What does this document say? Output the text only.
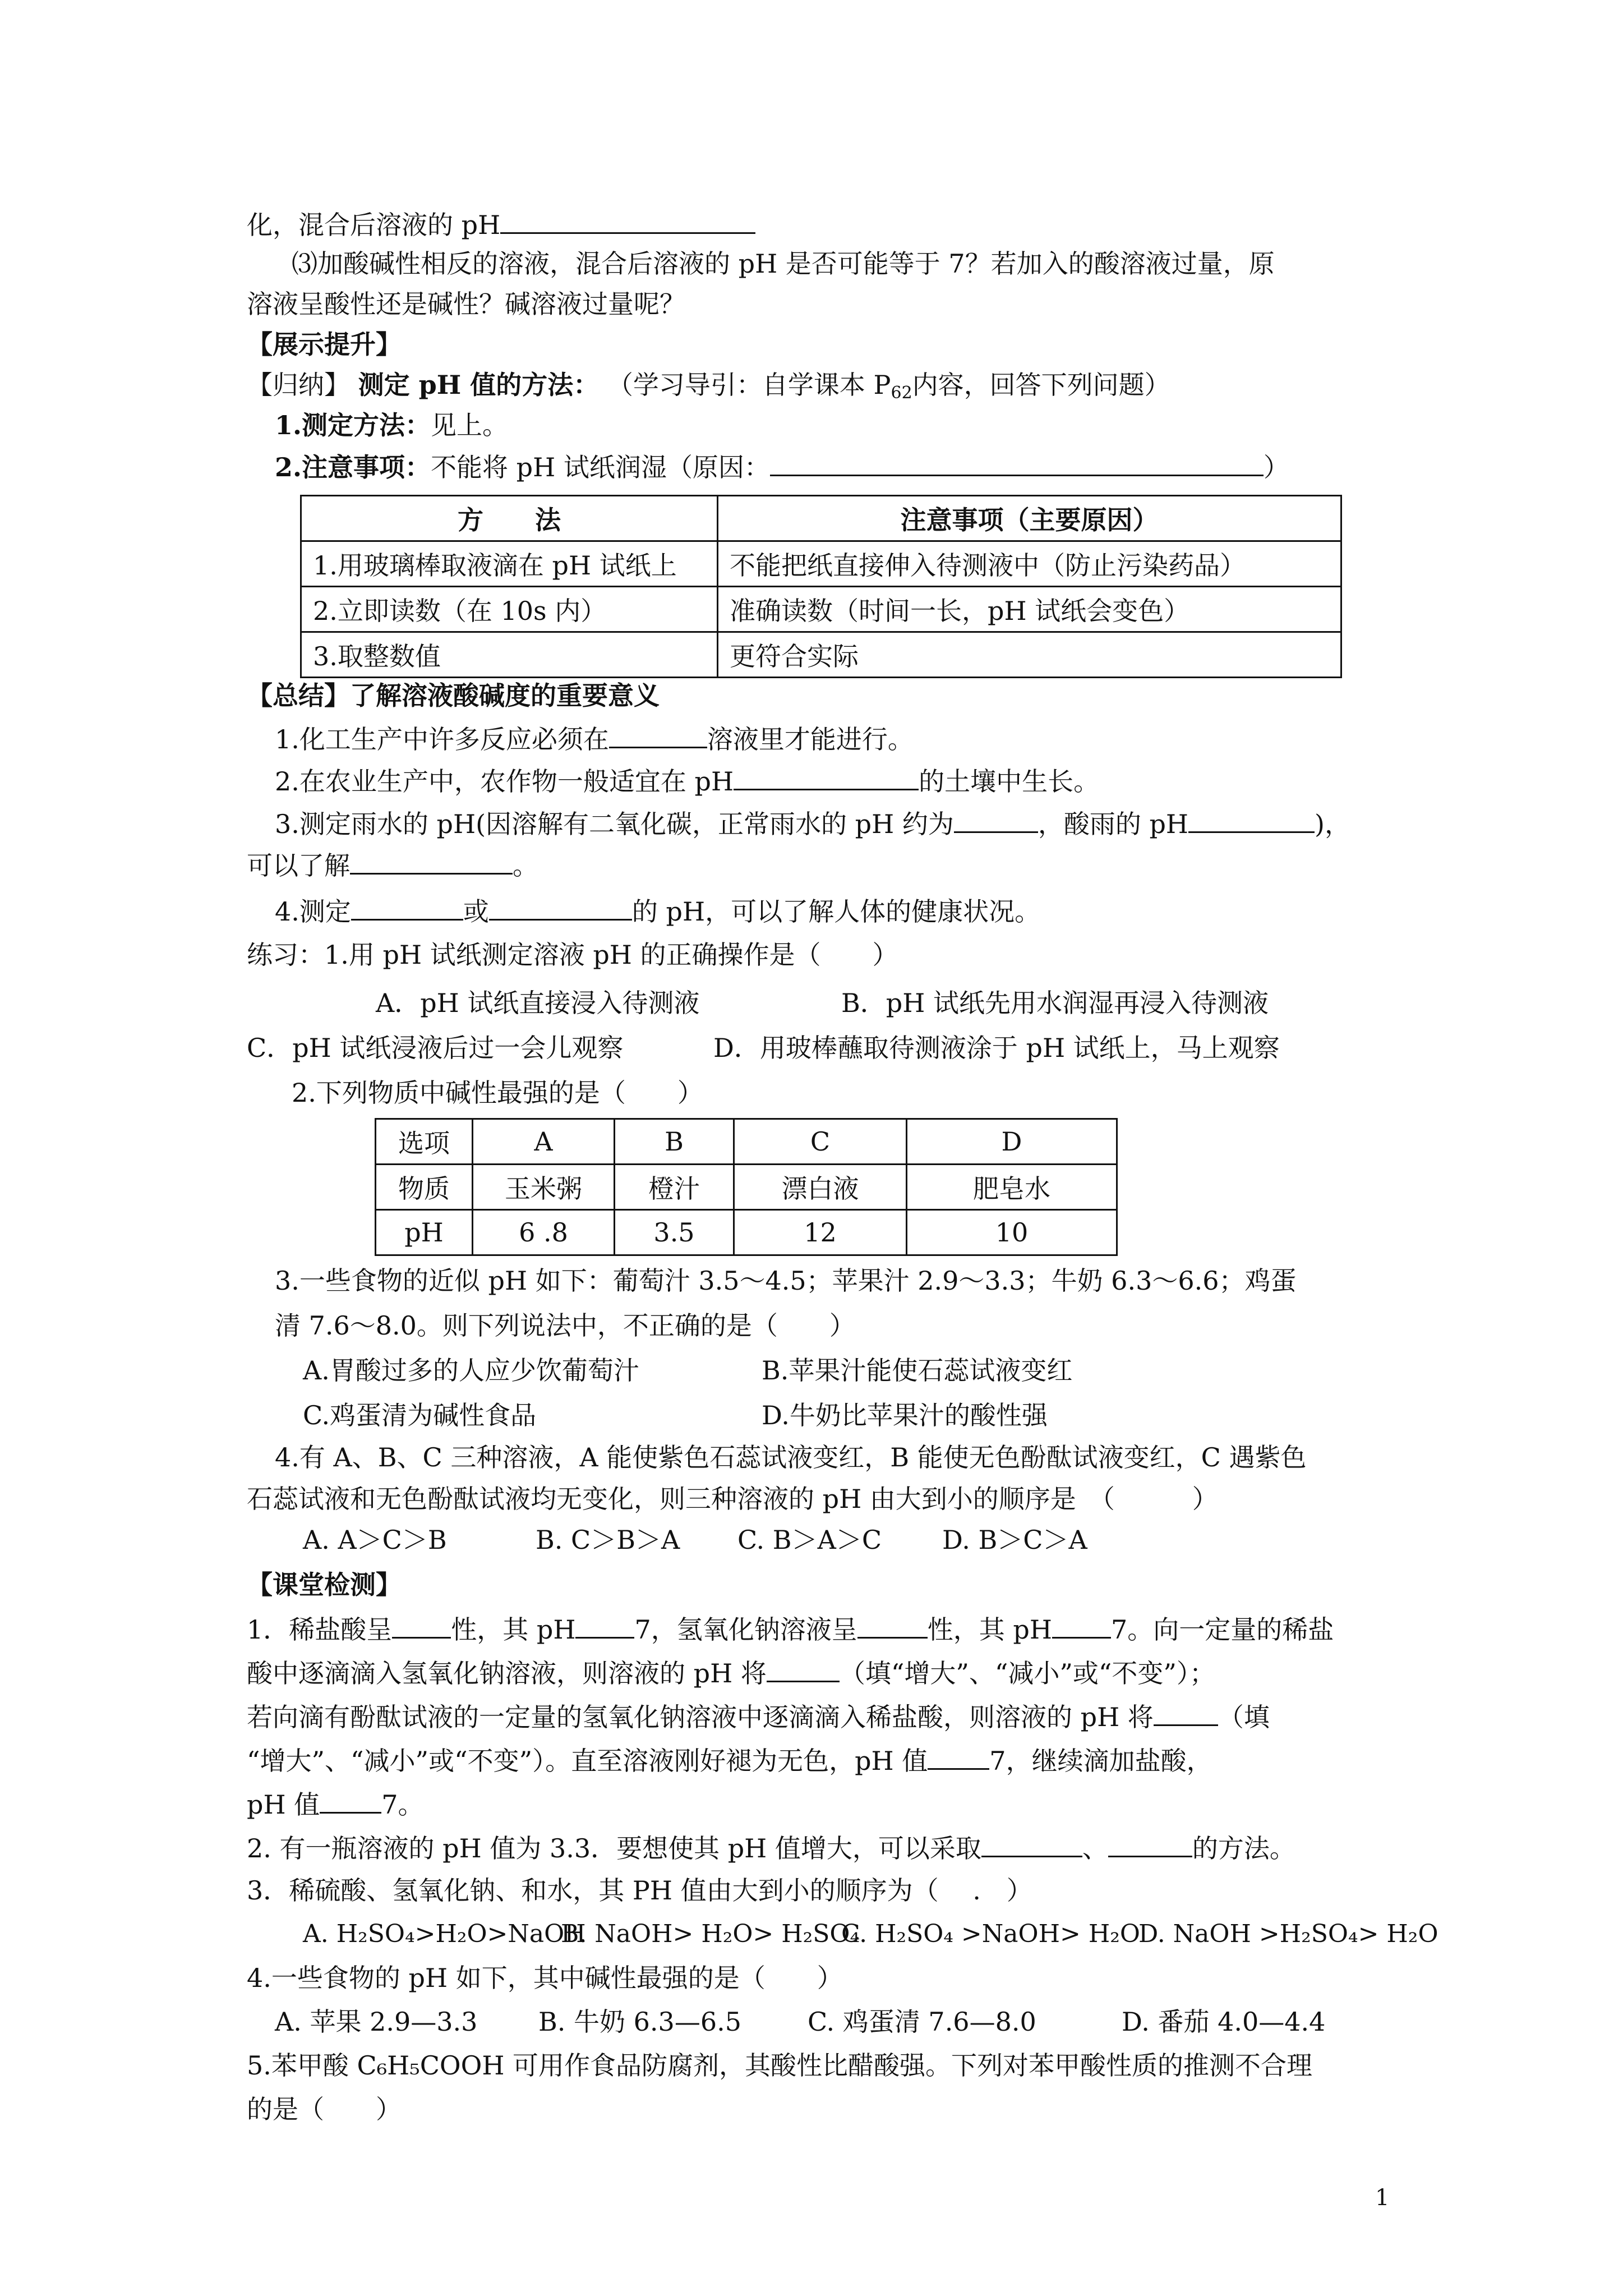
化，混合后溶液的 pH
⑶加酸碱性相反的溶液，混合后溶液的 pH 是否可能等于 7？若加入的酸溶液过量，原
溶液呈酸性还是碱性？碱溶液过量呢？
【展示提升】
【归纳】 测定 pH 值的方法： （学习导引：自学课本 $P_{62}$内容，回答下列问题）
1.测定方法：见上。
2.注意事项：不能将 pH 试纸润湿（原因：	）
方　　法	注意事项（主要原因）
1.用玻璃棒取液滴在 pH 试纸上	不能把纸直接伸入待测液中（防止污染药品）
2.立即读数（在 10s 内）	准确读数（时间一长，pH 试纸会变色）
3.取整数值	更符合实际
【总结】了解溶液酸碱度的重要意义
1.化工生产中许多反应必须在	溶液里才能进行。
2.在农业生产中，农作物一般适宜在 pH	的土壤中生长。
3.测定雨水的 pH(因溶解有二氧化碳，正常雨水的 pH 约为	，酸雨的 pH	)，
可以了解	。
4.测定	或	的 pH，可以了解人体的健康状况。
练习：1.用 pH 试纸测定溶液 pH 的正确操作是（　　）
A．pH 试纸直接浸入待测液	B．pH 试纸先用水润湿再浸入待测液
C．pH 试纸浸液后过一会儿观察	D．用玻棒蘸取待测液涂于 pH 试纸上，马上观察
2.下列物质中碱性最强的是（　　）
选项	A	B	C	D
物质	玉米粥	橙汁	漂白液	肥皂水
pH	6 .8	3.5	12	10
3.一些食物的近似 pH 如下：葡萄汁 3.5～4.5；苹果汁 2.9～3.3；牛奶 6.3～6.6；鸡蛋
清 7.6～8.0。则下列说法中，不正确的是（　　）
A.胃酸过多的人应少饮葡萄汁	B.苹果汁能使石蕊试液变红
C.鸡蛋清为碱性食品	D.牛奶比苹果汁的酸性强
4.有 A、B、C 三种溶液，A 能使紫色石蕊试液变红，B 能使无色酚酞试液变红，C 遇紫色
石蕊试液和无色酚酞试液均无变化，则三种溶液的 pH 由大到小的顺序是　（　　　）
A. A＞C＞B	B. C＞B＞A C. B＞A＞C D. B＞C＞A
【课堂检测】
1．稀盐酸呈 性，其 pH 7，氢氧化钠溶液呈	性，其 pH 7。向一定量的稀盐
酸中逐滴滴入氢氧化钠溶液，则溶液的 pH 将	（填“增大”、“减小”或“不变”）；
若向滴有酚酞试液的一定量的氢氧化钠溶液中逐滴滴入稀盐酸，则溶液的 pH 将	（填
“增大”、“减小”或“不变”）。直至溶液刚好褪为无色，pH 值 7，继续滴加盐酸，
pH 值 7。
2. 有一瓶溶液的 pH 值为 3.3．要想使其 pH 值增大，可以采取	、	的方法。
3．稀硫酸、氢氧化钠、和水，其 PH 值由大到小的顺序为（　 .　）
A. H₂SO₄>H₂O>NaOH
B. NaOH> H₂O> H₂SO₄
C. H₂SO₄ >NaOH> H₂O
D. NaOH >H₂SO₄> H₂O
4.一些食物的 pH 如下，其中碱性最强的是（　　）
A. 苹果 2.9—3.3 B. 牛奶 6.3—6.5	C. 鸡蛋清 7.6—8.0	D. 番茄 4.0—4.4
5.苯甲酸 C₆H₅COOH 可用作食品防腐剂，其酸性比醋酸强。下列对苯甲酸性质的推测不合理
的是（　　）
1
